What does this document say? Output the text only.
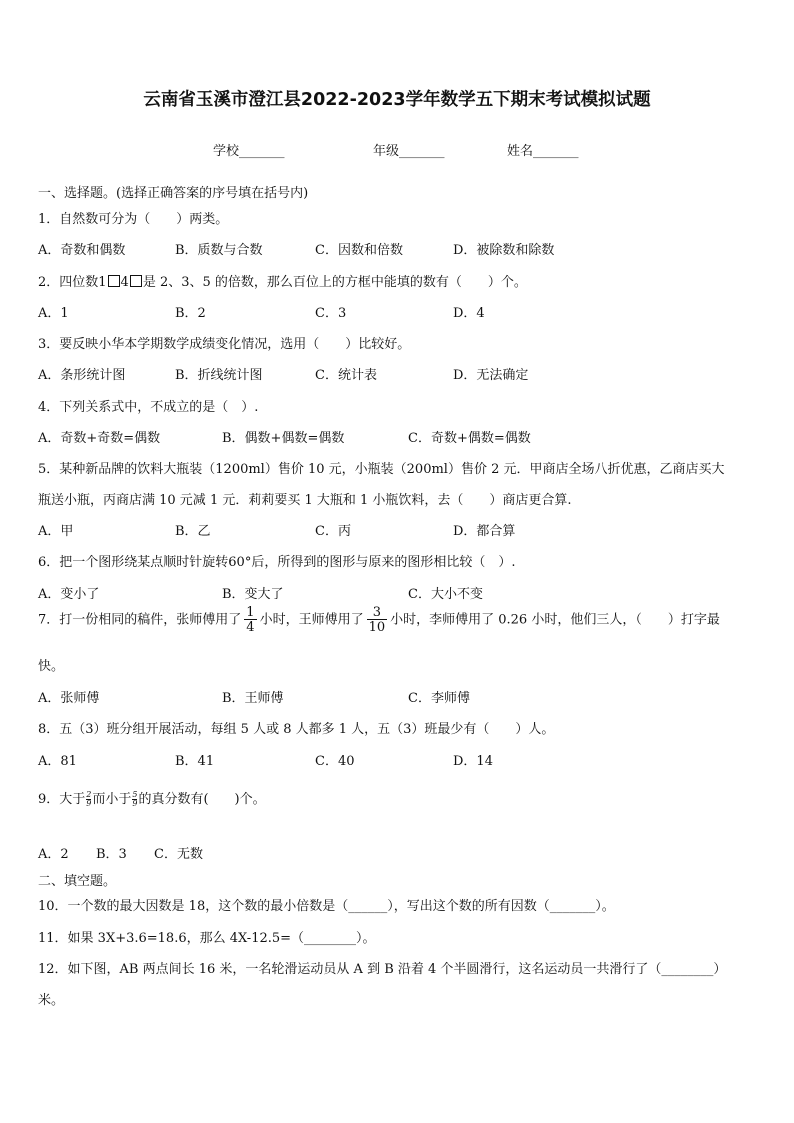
云南省玉溪市澄江县2022-2023学年数学五下期末考试模拟试题
学校_______	年级_______	姓名_______
一、选择题。(选择正确答案的序号填在括号内)
1．自然数可分为（　　）两类。
A．奇数和偶数	B．质数与合数	C．因数和倍数	D．被除数和除数
2．四位数1 4 是 2、3、5 的倍数，那么百位上的方框中能填的数有（　　）个。
A．1	B．2	C．3	D．4
3．要反映小华本学期数学成绩变化情况，选用（　　）比较好。
A．条形统计图	B．折线统计图	C．统计表	D．无法确定
4．下列关系式中，不成立的是（　）.
A．奇数+奇数=偶数	B．偶数+偶数=偶数	C．奇数+偶数=偶数
5．某种新品牌的饮料大瓶装（1200ml）售价 10 元，小瓶装（200ml）售价 2 元．甲商店全场八折优惠，乙商店买大
瓶送小瓶，丙商店满 10 元减 1 元．莉莉要买 1 大瓶和 1 小瓶饮料，去（　　）商店更合算.
A．甲	B．乙	C．丙	D．都合算
6．把一个图形绕某点顺时针旋转60°后，所得到的图形与原来的图形相比较（　）.
A．变小了	B．变大了	C．大小不变
7．打一份相同的稿件，张师傅用了 $\frac{1}{4}$ 小时，王师傅用了 $\frac{3}{10}$ 小时，李师傅用了 0.26 小时，他们三人，（　　）打字最
快。
A．张师傅	B．王师傅	C．李师傅
8．五（3）班分组开展活动，每组 5 人或 8 人都多 1 人，五（3）班最少有（　　）人。
A．81	B．41	C．40	D．14
9．大于 $\frac{2}{9}$ 而小于 $\frac{5}{9}$ 的真分数有(　　)个。
A．2 B．3 C．无数
二、填空题。
10．一个数的最大因数是 18，这个数的最小倍数是（______），写出这个数的所有因数（_______）。
11．如果 3X+3.6=18.6，那么 4X-12.5=（________）。
12．如下图，AB 两点间长 16 米，一名轮滑运动员从 A 到 B 沿着 4 个半圆滑行，这名运动员一共滑行了（________）
米。
